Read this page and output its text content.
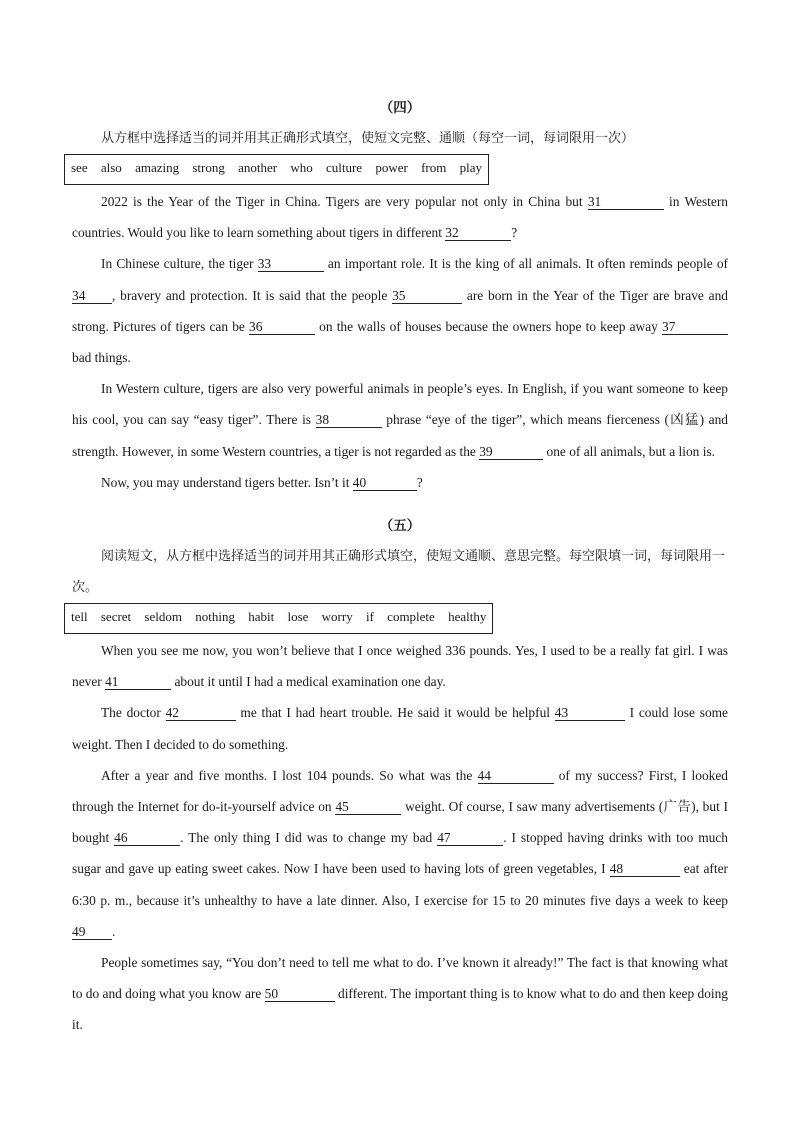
（四）

从方框中选择适当的词并用其正确形式填空，使短文完整、通顺（每空一词，每词限用一次）

see also amazing strong another who culture power from play

2022 is the Year of the Tiger in China. Tigers are very popular not only in China but 31	in Western countries. Would you like to learn something about tigers in different 32	?

In Chinese culture, the tiger 33	an important role. It is the king of all animals. It often reminds people of 34 , bravery and protection. It is said that the people 35	are born in the Year of the Tiger are brave and strong. Pictures of tigers can be 36	on the walls of houses because the owners hope to keep away 37 bad things.

In Western culture, tigers are also very powerful animals in people’s eyes. In English, if you want someone to keep his cool, you can say “easy tiger”. There is 38	phrase “eye of the tiger”, which means fierceness (凶猛) and strength. However, in some Western countries, a tiger is not regarded as the 39	one of all animals, but a lion is.

Now, you may understand tigers better. Isn’t it 40	?

（五）

阅读短文，从方框中选择适当的词并用其正确形式填空，使短文通顺、意思完整。每空限填一词，每词限用一次。

tell secret seldom nothing habit lose worry if complete healthy

When you see me now, you won’t believe that I once weighed 336 pounds. Yes, I used to be a really fat girl. I was never 41	about it until I had a medical examination one day.

The doctor 42	me that I had heart trouble. He said it would be helpful 43	I could lose some weight. Then I decided to do something.

After a year and five months. I lost 104 pounds. So what was the 44	of my success? First, I looked through the Internet for do-it-yourself advice on 45	weight. Of course, I saw many advertisements (广告), but I bought 46	. The only thing I did was to change my bad 47	. I stopped having drinks with too much sugar and gave up eating sweet cakes. Now I have been used to having lots of green vegetables, I 48	eat after 6:30 p. m., because it’s unhealthy to have a late dinner. Also, I exercise for 15 to 20 minutes five days a week to keep 49 .

People sometimes say, “You don’t need to tell me what to do. I’ve known it already!” The fact is that knowing what to do and doing what you know are 50	different. The important thing is to know what to do and then keep doing it.
